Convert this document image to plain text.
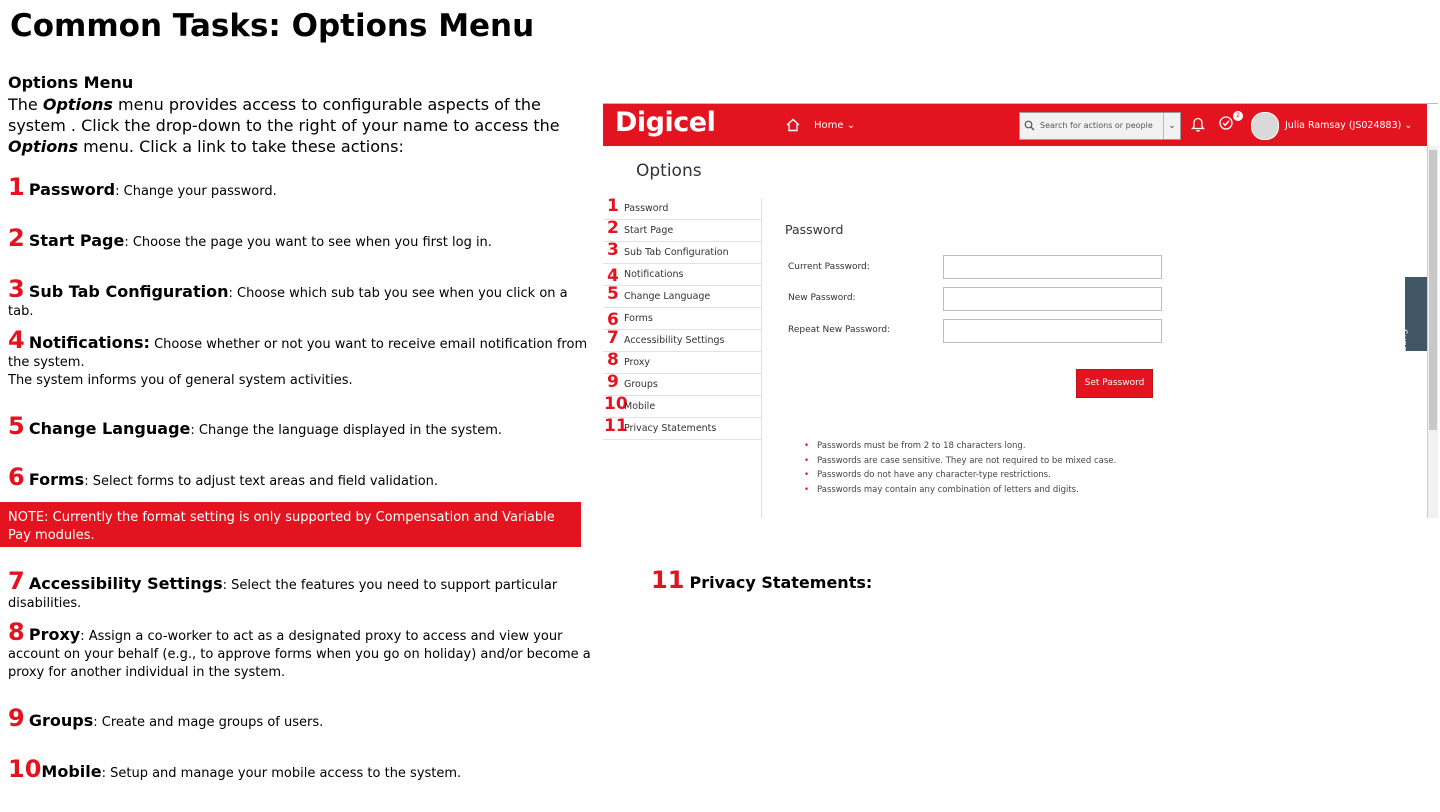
Common Tasks: Options Menu
Options Menu
The Options menu provides access to configurable aspects of the system . Click the drop-down to the right of your name to access the Options menu. Click a link to take these actions:
1 Password: Change your password.
2 Start Page: Choose the page you want to see when you first log in.
3 Sub Tab Configuration: Choose which sub tab you see when you click on a tab.
4 Notifications: Choose whether or not you want to receive email notification from the system.
The system informs you of general system activities.
5 Change Language: Change the language displayed in the system.
6 Forms: Select forms to adjust text areas and field validation.
NOTE: Currently the format setting is only supported by Compensation and Variable Pay modules.
7 Accessibility Settings: Select the features you need to support particular disabilities.
8 Proxy: Assign a co-worker to act as a designated proxy to access and view your account on your behalf (e.g., to approve forms when you go on holiday) and/or become a proxy for another individual in the system.
9 Groups: Create and mage groups of users.
10Mobile: Setup and manage your mobile access to the system.
Digicel	Home ⌄	Search for actions or people	⌄
2
Julia Ramsay (JS024883) ⌄
Options
1 Password
2 Start Page
3 Sub Tab Configuration
4 Notifications
5 Change Language
6 Forms
7 Accessibility Settings
8 Proxy
9 Groups
10
Mobile
11
Privacy Statements
Password
Current Password:
New Password:
Repeat New Password:
Set Password
• Passwords must be from 2 to 18 characters long.
• Passwords are case sensitive. They are not required to be mixed case.
• Passwords do not have any character-type restrictions.
• Passwords may contain any combination of letters and digits.
Support
11 Privacy Statements:
